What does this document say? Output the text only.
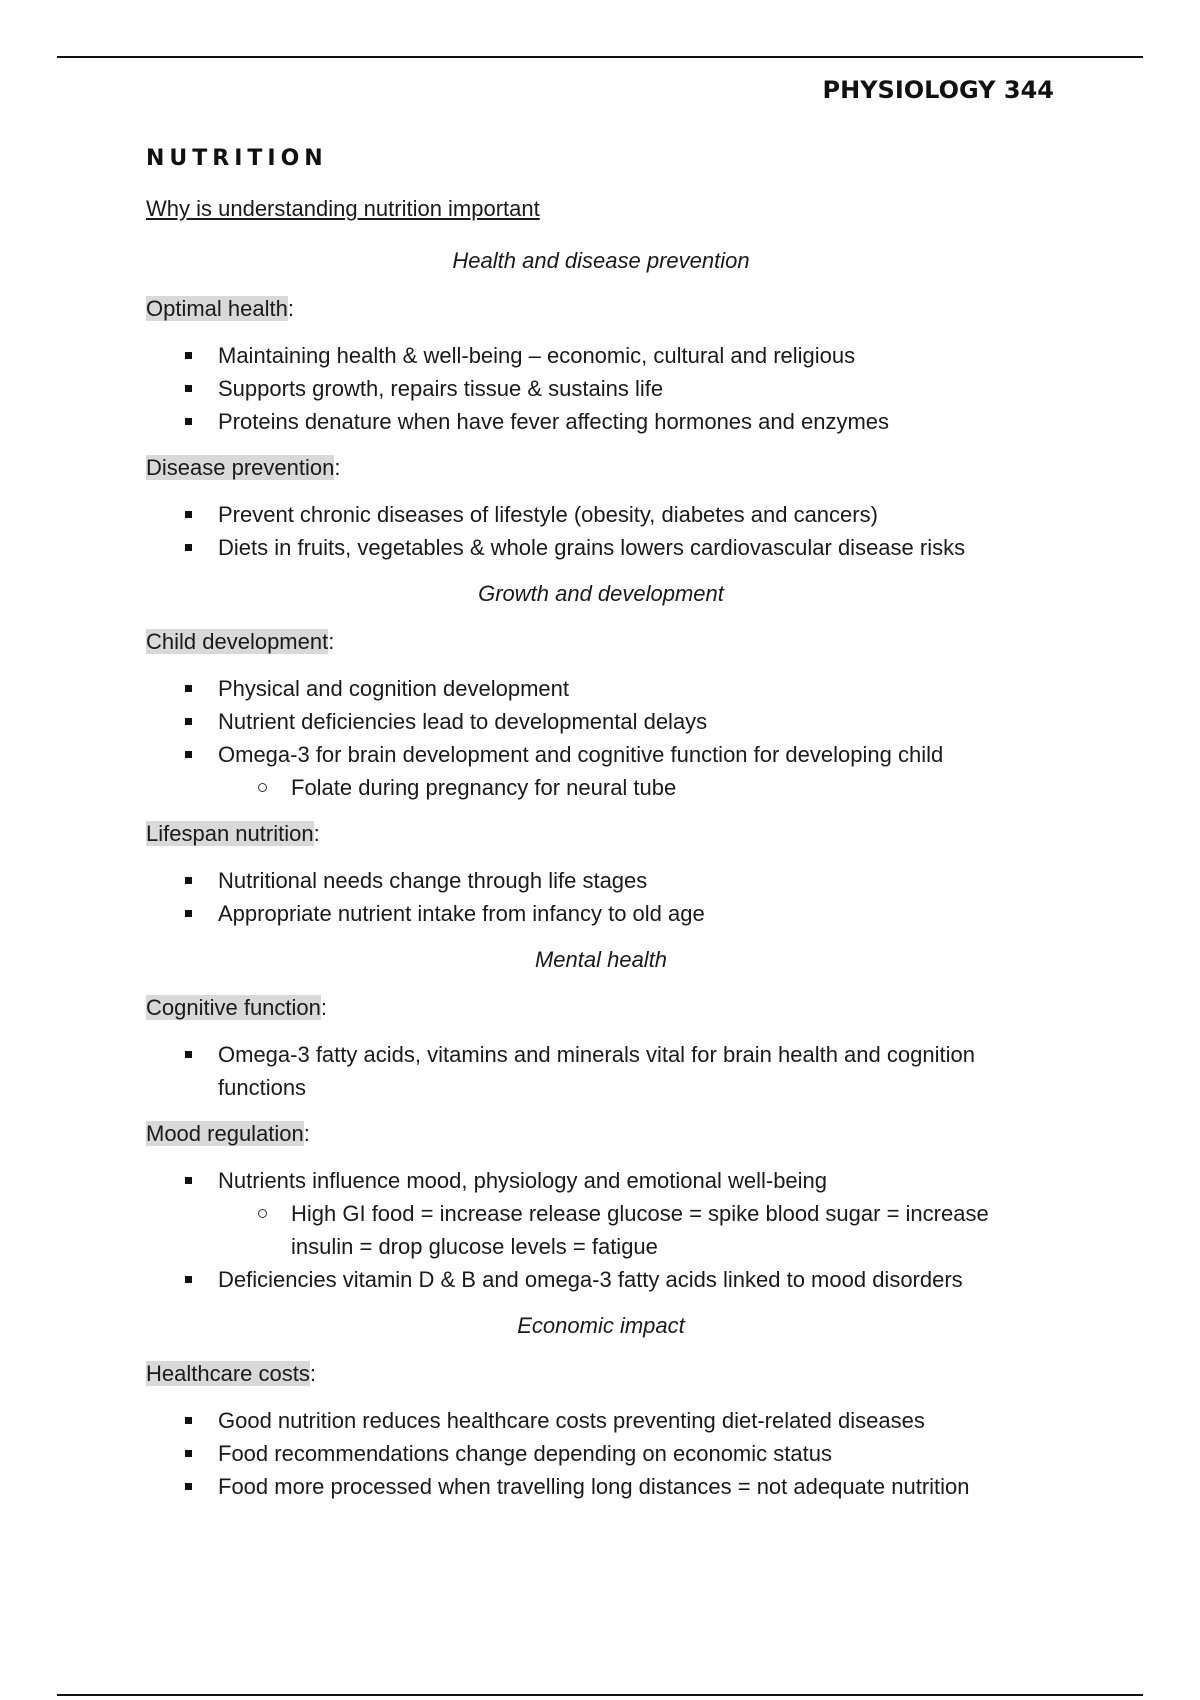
PHYSIOLOGY 344
NUTRITION
Why is understanding nutrition important
Health and disease prevention
Optimal health:
Maintaining health & well-being – economic, cultural and religious
Supports growth, repairs tissue & sustains life
Proteins denature when have fever affecting hormones and enzymes
Disease prevention:
Prevent chronic diseases of lifestyle (obesity, diabetes and cancers)
Diets in fruits, vegetables & whole grains lowers cardiovascular disease risks
Growth and development
Child development:
Physical and cognition development
Nutrient deficiencies lead to developmental delays
Omega-3 for brain development and cognitive function for developing child
Folate during pregnancy for neural tube
Lifespan nutrition:
Nutritional needs change through life stages
Appropriate nutrient intake from infancy to old age
Mental health
Cognitive function:
Omega-3 fatty acids, vitamins and minerals vital for brain health and cognition functions
Mood regulation:
Nutrients influence mood, physiology and emotional well-being
High GI food = increase release glucose = spike blood sugar = increase insulin = drop glucose levels = fatigue
Deficiencies vitamin D & B and omega-3 fatty acids linked to mood disorders
Economic impact
Healthcare costs:
Good nutrition reduces healthcare costs preventing diet-related diseases
Food recommendations change depending on economic status
Food more processed when travelling long distances = not adequate nutrition
